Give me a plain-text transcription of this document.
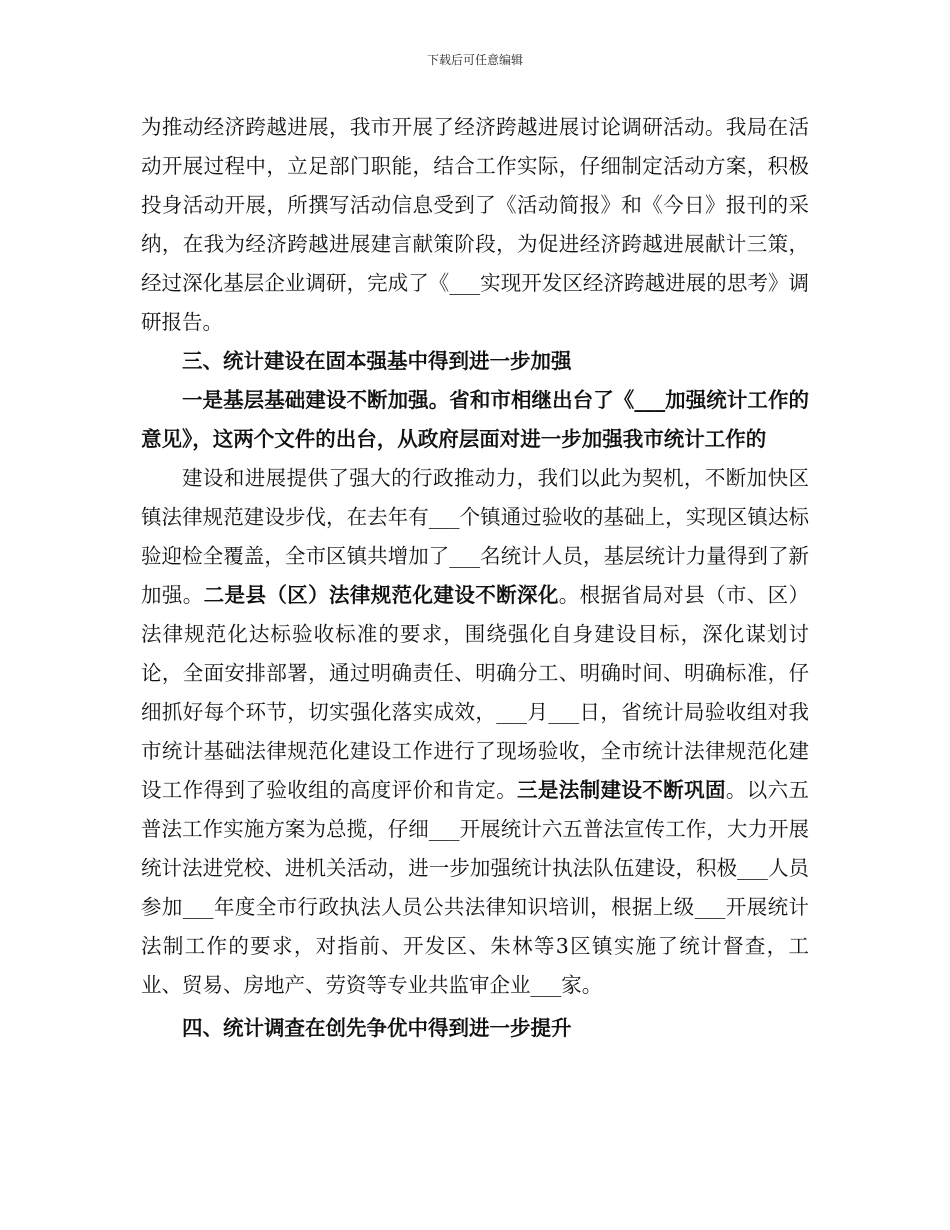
下载后可任意编辑

为推动经济跨越进展，我市开展了经济跨越进展讨论调研活动。我局在活动开展过程中，立足部门职能，结合工作实际，仔细制定活动方案，积极投身活动开展，所撰写活动信息受到了《活动简报》和《今日》报刊的采纳，在我为经济跨越进展建言献策阶段，为促进经济跨越进展献计三策，经过深化基层企业调研，完成了《___实现开发区经济跨越进展的思考》调研报告。

三、统计建设在固本强基中得到进一步加强

一是基层基础建设不断加强。省和市相继出台了《___加强统计工作的意见》，这两个文件的出台，从政府层面对进一步加强我市统计工作的

建设和进展提供了强大的行政推动力，我们以此为契机，不断加快区镇法律规范建设步伐，在去年有___个镇通过验收的基础上，实现区镇达标验迎检全覆盖，全市区镇共增加了___名统计人员，基层统计力量得到了新加强。二是县（区）法律规范化建设不断深化。根据省局对县（市、区）法律规范化达标验收标准的要求，围绕强化自身建设目标，深化谋划讨论，全面安排部署，通过明确责任、明确分工、明确时间、明确标准，仔细抓好每个环节，切实强化落实成效，___月___日，省统计局验收组对我市统计基础法律规范化建设工作进行了现场验收，全市统计法律规范化建设工作得到了验收组的高度评价和肯定。三是法制建设不断巩固。以六五普法工作实施方案为总揽，仔细___开展统计六五普法宣传工作，大力开展统计法进党校、进机关活动，进一步加强统计执法队伍建设，积极___人员参加___年度全市行政执法人员公共法律知识培训，根据上级___开展统计法制工作的要求，对指前、开发区、朱林等3区镇实施了统计督查，工业、贸易、房地产、劳资等专业共监审企业___家。

四、统计调查在创先争优中得到进一步提升
